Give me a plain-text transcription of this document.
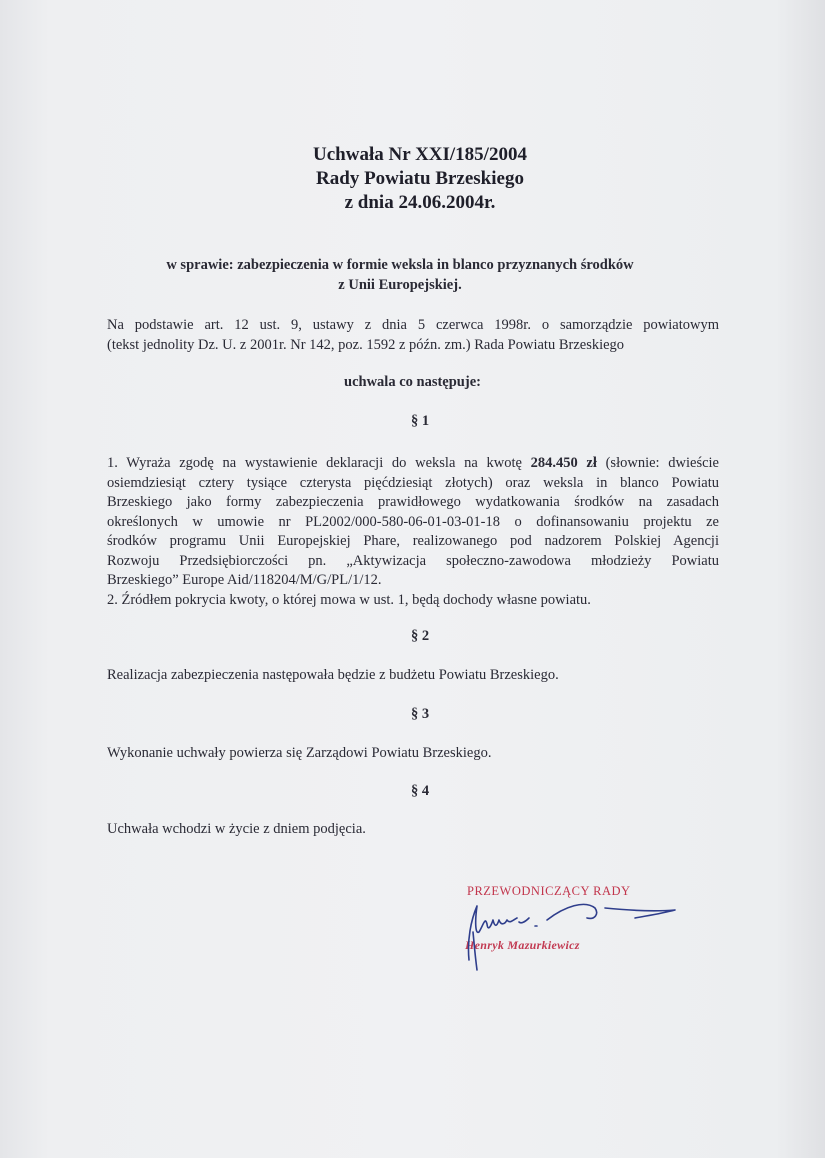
Uchwała Nr XXI/185/2004
Rady Powiatu Brzeskiego
z dnia 24.06.2004r.
w sprawie: zabezpieczenia w formie weksla in blanco przyznanych środków
z Unii Europejskiej.
Na podstawie art. 12 ust. 9, ustawy z dnia 5 czerwca 1998r. o samorządzie powiatowym
(tekst jednolity Dz. U. z 2001r. Nr 142, poz. 1592 z późn. zm.) Rada Powiatu Brzeskiego
uchwala co następuje:
§ 1
1. Wyraża zgodę na wystawienie deklaracji do weksla na kwotę 284.450 zł (słownie: dwieście
osiemdziesiąt cztery tysiące czterysta pięćdziesiąt złotych) oraz weksla in blanco Powiatu
Brzeskiego jako formy zabezpieczenia prawidłowego wydatkowania środków na zasadach
określonych w umowie nr PL2002/000-580-06-01-03-01-18 o dofinansowaniu projektu ze
środków programu Unii Europejskiej Phare, realizowanego pod nadzorem Polskiej Agencji
Rozwoju Przedsiębiorczości pn. „Aktywizacja społeczno-zawodowa młodzieży Powiatu
Brzeskiego” Europe Aid/118204/M/G/PL/1/12.
2. Źródłem pokrycia kwoty, o której mowa w ust. 1, będą dochody własne powiatu.
§ 2
Realizacja zabezpieczenia następowała będzie z budżetu Powiatu Brzeskiego.
§ 3
Wykonanie uchwały powierza się Zarządowi Powiatu Brzeskiego.
§ 4
Uchwała wchodzi w życie z dniem podjęcia.
PRZEWODNICZĄCY RADY
Henryk Mazurkiewicz
